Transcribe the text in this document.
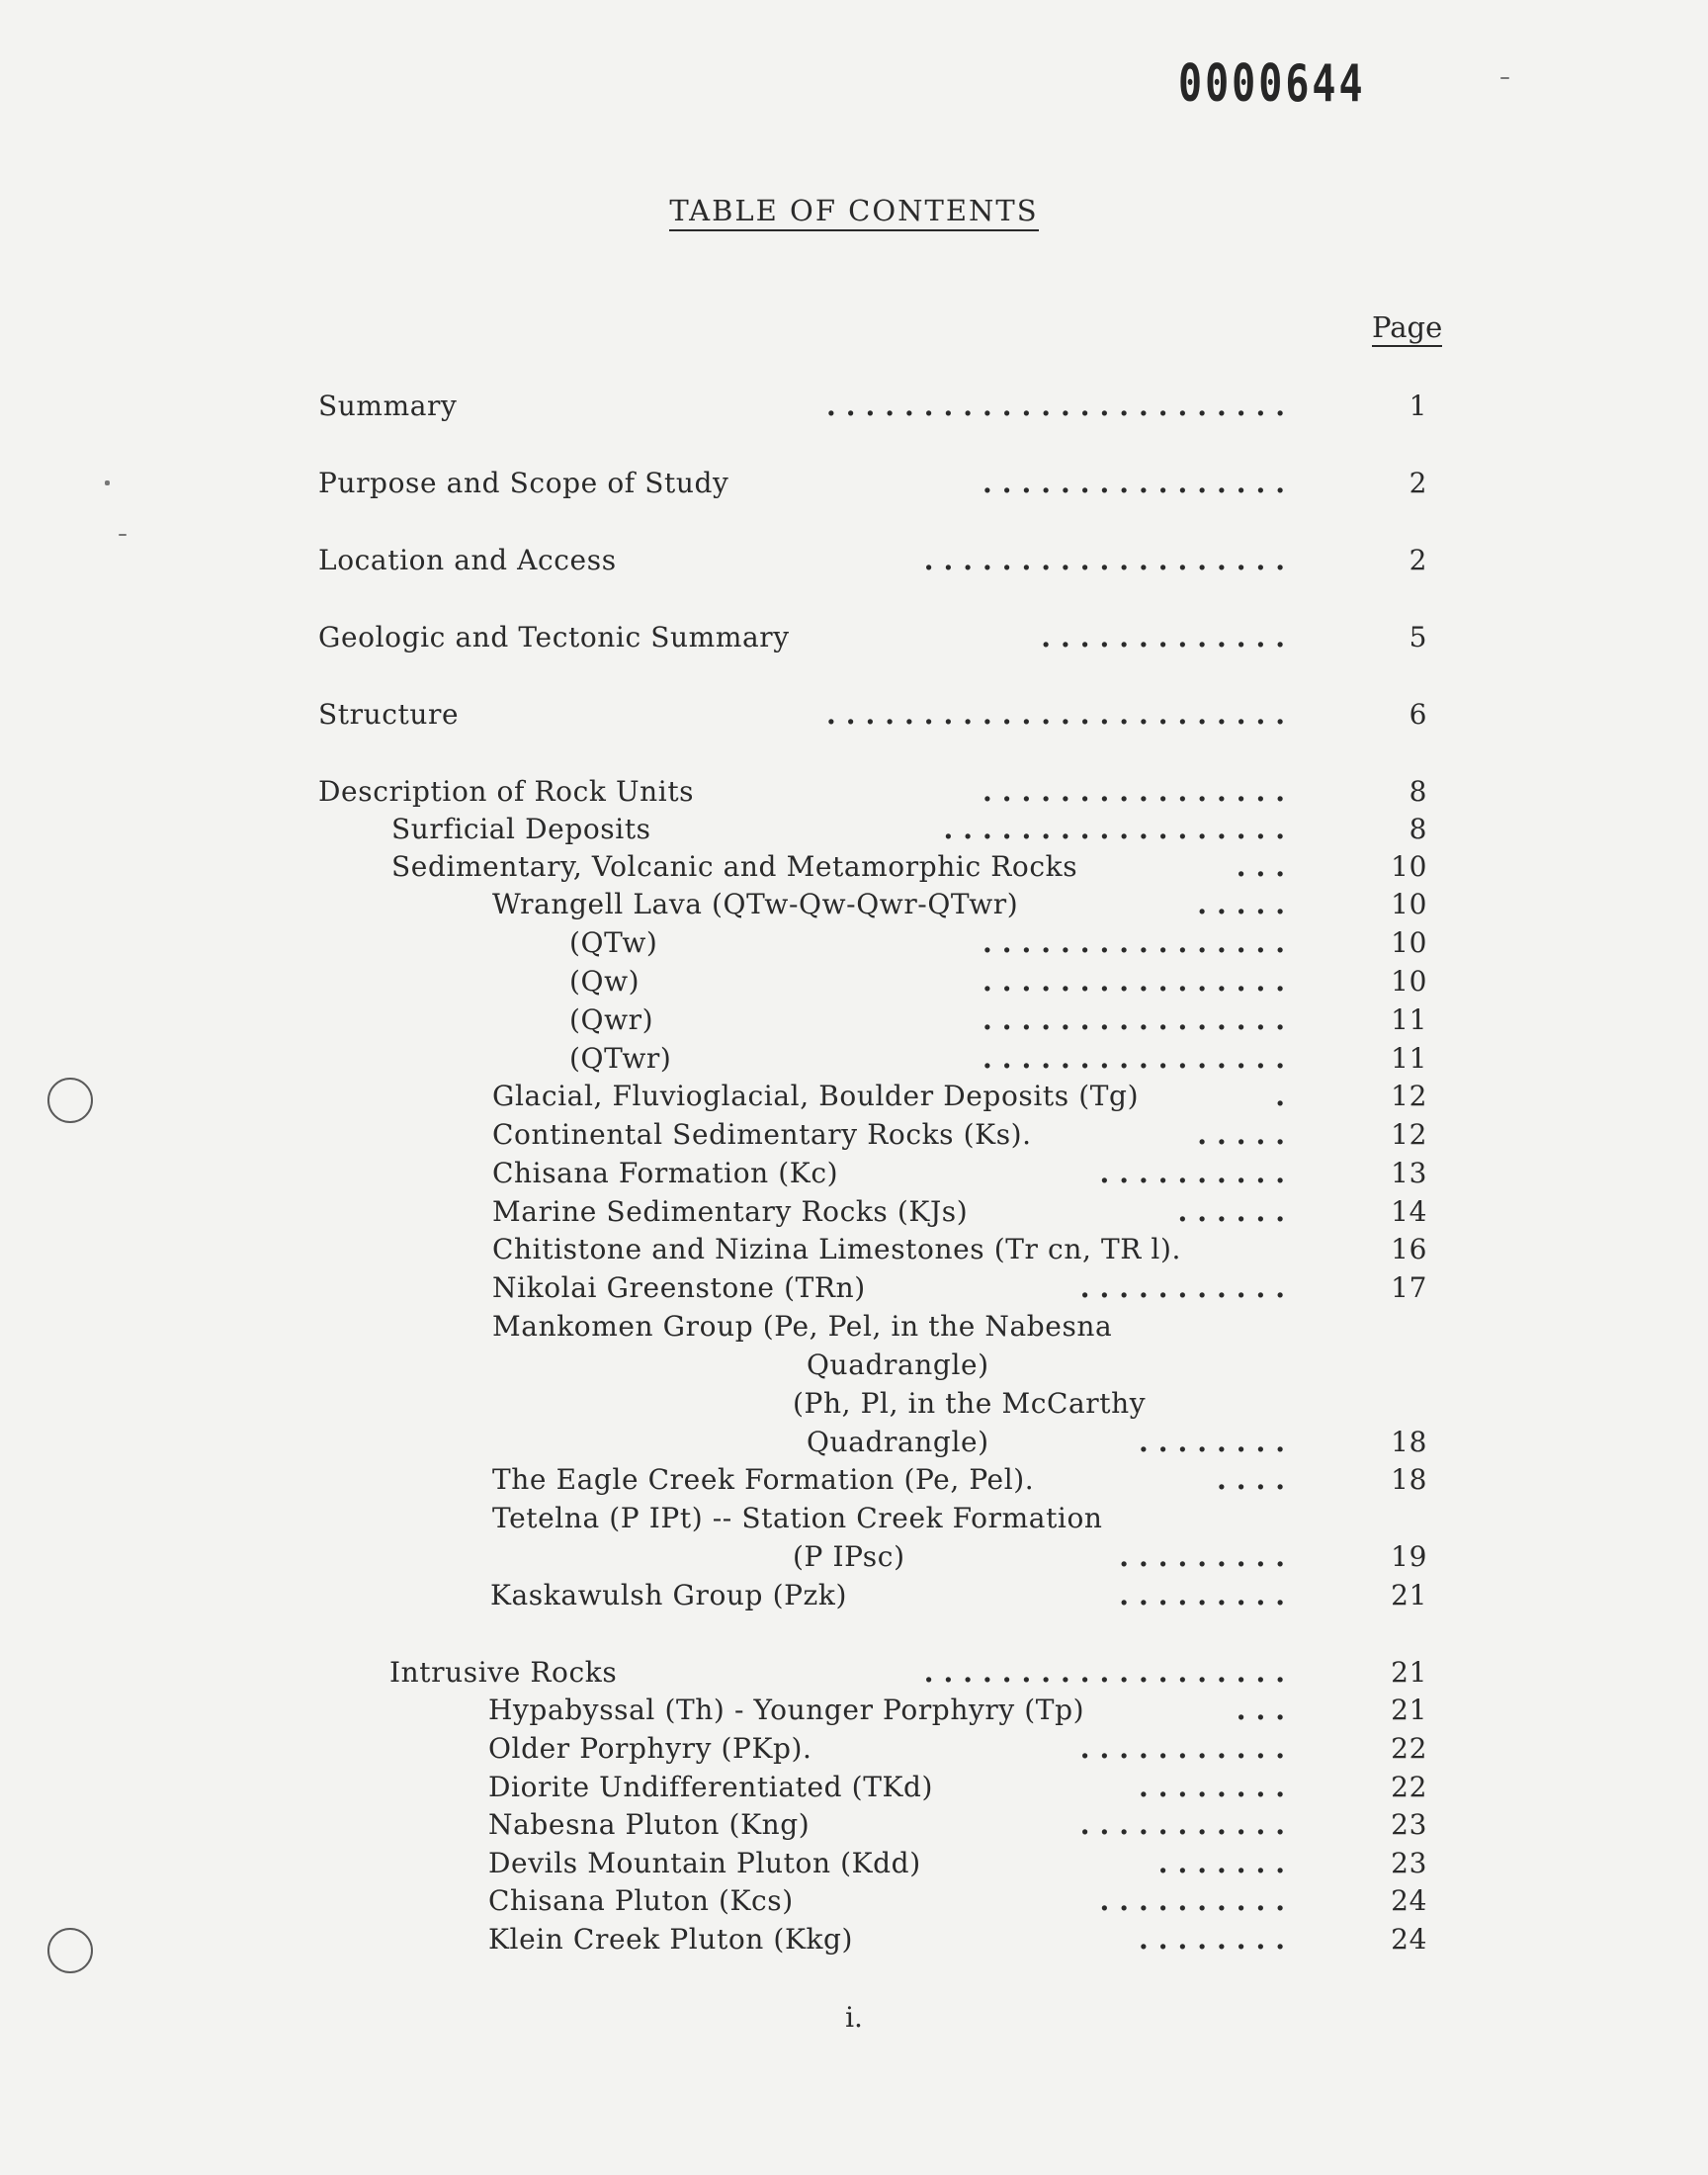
0000644
TABLE OF CONTENTS
Page
Summary	........................	1
Purpose and Scope of Study	................	2
Location and Access	...................	2
Geologic and Tectonic Summary	.............	5
Structure	........................	6
Description of Rock Units	................	8
Surficial Deposits	..................	8
Sedimentary, Volcanic and Metamorphic Rocks	...	10
Wrangell Lava (QTw-Qw-Qwr-QTwr)	.....	10
(QTw)	................	10
(Qw)	................	10
(Qwr)	................	11
(QTwr)	................	11
Glacial, Fluvioglacial, Boulder Deposits (Tg)	.	12
Continental Sedimentary Rocks (Ks).	.....	12
Chisana Formation (Kc)	..........	13
Marine Sedimentary Rocks (KJs)	......	14
Chitistone and Nizina Limestones (Tr cn, TR l).	16
Nikolai Greenstone (TRn)	...........	17
Mankomen Group (Pe, Pel, in the Nabesna
Quadrangle)
(Ph, Pl, in the McCarthy
Quadrangle)	........	18
The Eagle Creek Formation (Pe, Pel).	....	18
Tetelna (P IPt) -- Station Creek Formation
(P IPsc)	.........	19
Kaskawulsh Group (Pzk)	.........	21
Intrusive Rocks	...................	21
Hypabyssal (Th) - Younger Porphyry (Tp)	...	21
Older Porphyry (PKp).	...........	22
Diorite Undifferentiated (TKd)	........	22
Nabesna Pluton (Kng)	...........	23
Devils Mountain Pluton (Kdd)	.......	23
Chisana Pluton (Kcs)	..........	24
Klein Creek Pluton (Kkg)	........	24
i.
